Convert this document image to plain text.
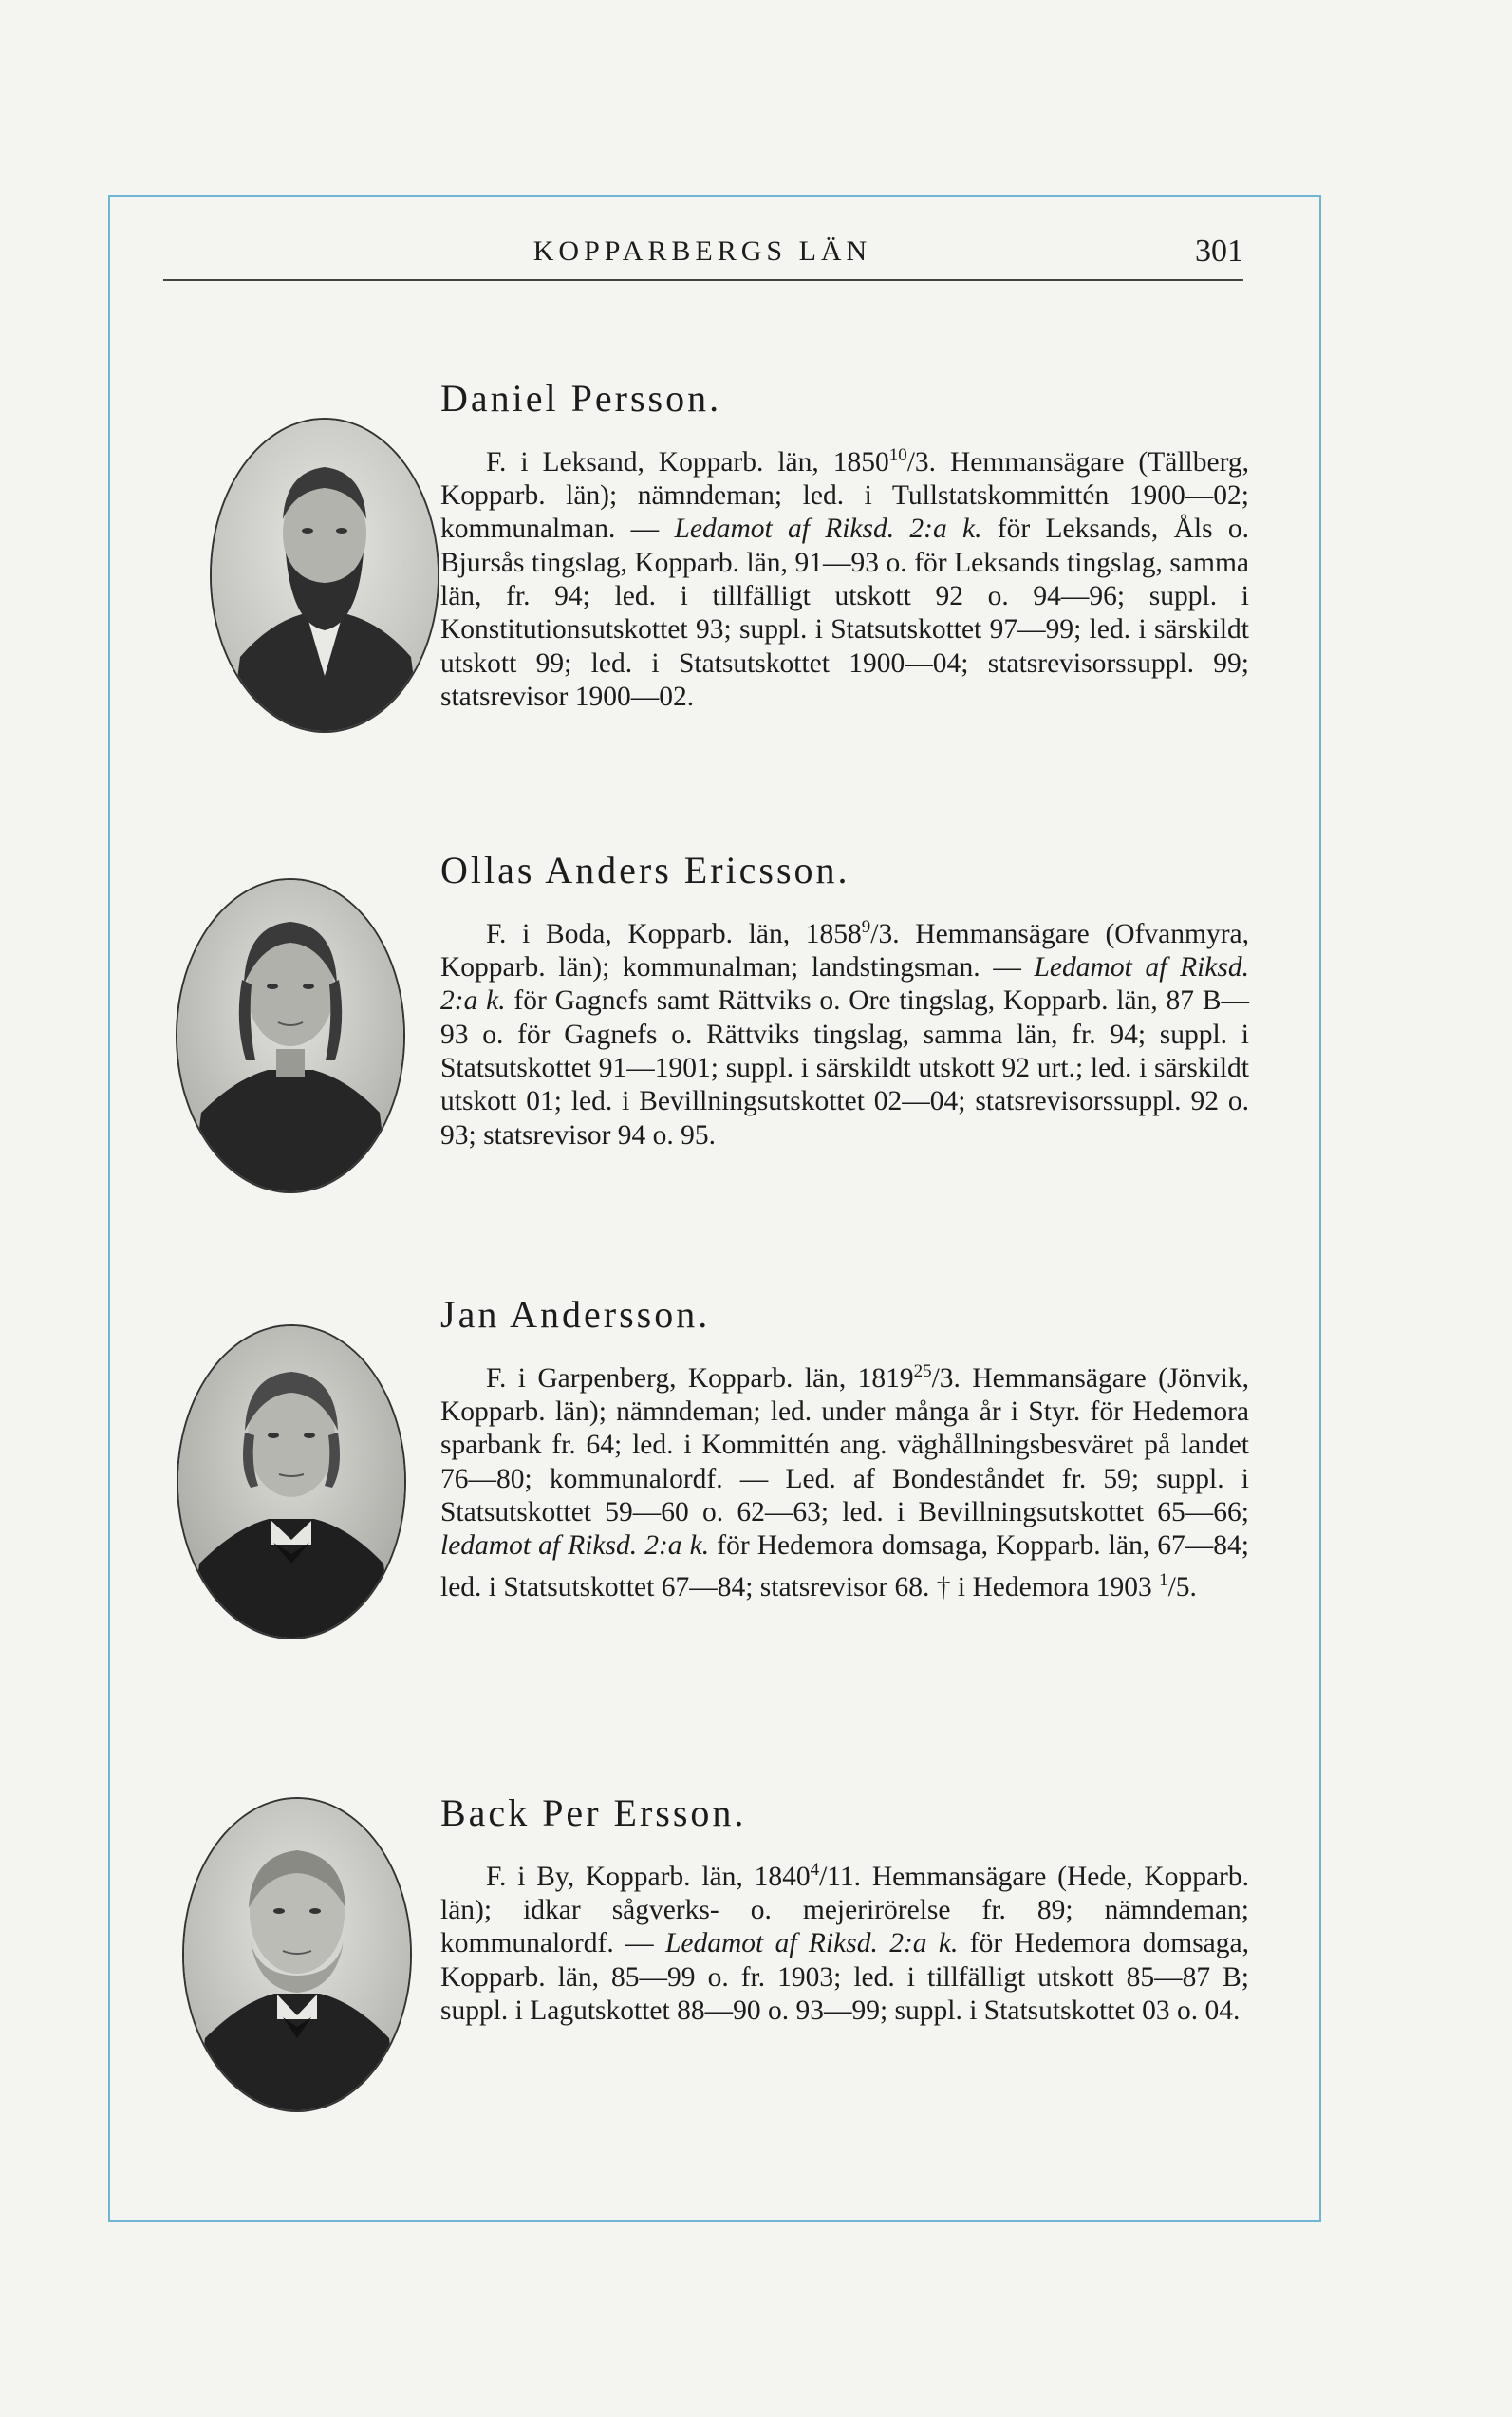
KOPPARBERGS LÄN	301
Daniel Persson.

F. i Leksand, Kopparb. län, 1850$^{10}$/3. Hemmansägare (Tällberg, Kopparb. län); nämndeman; led. i Tullstatskommittén 1900—02; kommunalman. — Ledamot af Riksd. 2:a k. för Leksands, Åls o. Bjursås tingslag, Kopparb. län, 91—93 o. för Leksands tingslag, samma län, fr. 94; led. i tillfälligt utskott 92 o. 94—96; suppl. i Konstitutionsutskottet 93; suppl. i Statsutskottet 97—99; led. i särskildt utskott 99; led. i Statsutskottet 1900—04; statsrevisorssuppl. 99; statsrevisor 1900—02.

Ollas Anders Ericsson.

F. i Boda, Kopparb. län, 1858$^9$/3. Hemmansägare (Ofvanmyra, Kopparb. län); kommunalman; landstingsman. — Ledamot af Riksd. 2:a k. för Gagnefs samt Rättviks o. Ore tingslag, Kopparb. län, 87 B—93 o. för Gagnefs o. Rättviks tingslag, samma län, fr. 94; suppl. i Statsutskottet 91—1901; suppl. i särskildt utskott 92 urt.; led. i särskildt utskott 01; led. i Bevillningsutskottet 02—04; statsrevisorssuppl. 92 o. 93; statsrevisor 94 o. 95.

Jan Andersson.

F. i Garpenberg, Kopparb. län, 1819$^{25}$/3. Hemmansägare (Jönvik, Kopparb. län); nämndeman; led. under många år i Styr. för Hedemora sparbank fr. 64; led. i Kommittén ang. väghållningsbesväret på landet 76—80; kommunalordf. — Led. af Bondeståndet fr. 59; suppl. i Statsutskottet 59—60 o. 62—63; led. i Bevillningsutskottet 65—66; ledamot af Riksd. 2:a k. för Hedemora domsaga, Kopparb. län, 67—84; led. i Statsutskottet 67—84; statsrevisor 68. † i Hedemora 1903 $^1$/5.

Back Per Ersson.

F. i By, Kopparb. län, 1840$^4$/11. Hemmansägare (Hede, Kopparb. län); idkar sågverks- o. mejerirörelse fr. 89; nämndeman; kommunalordf. — Ledamot af Riksd. 2:a k. för Hedemora domsaga, Kopparb. län, 85—99 o. fr. 1903; led. i tillfälligt utskott 85—87 B; suppl. i Lagutskottet 88—90 o. 93—99; suppl. i Statsutskottet 03 o. 04.
